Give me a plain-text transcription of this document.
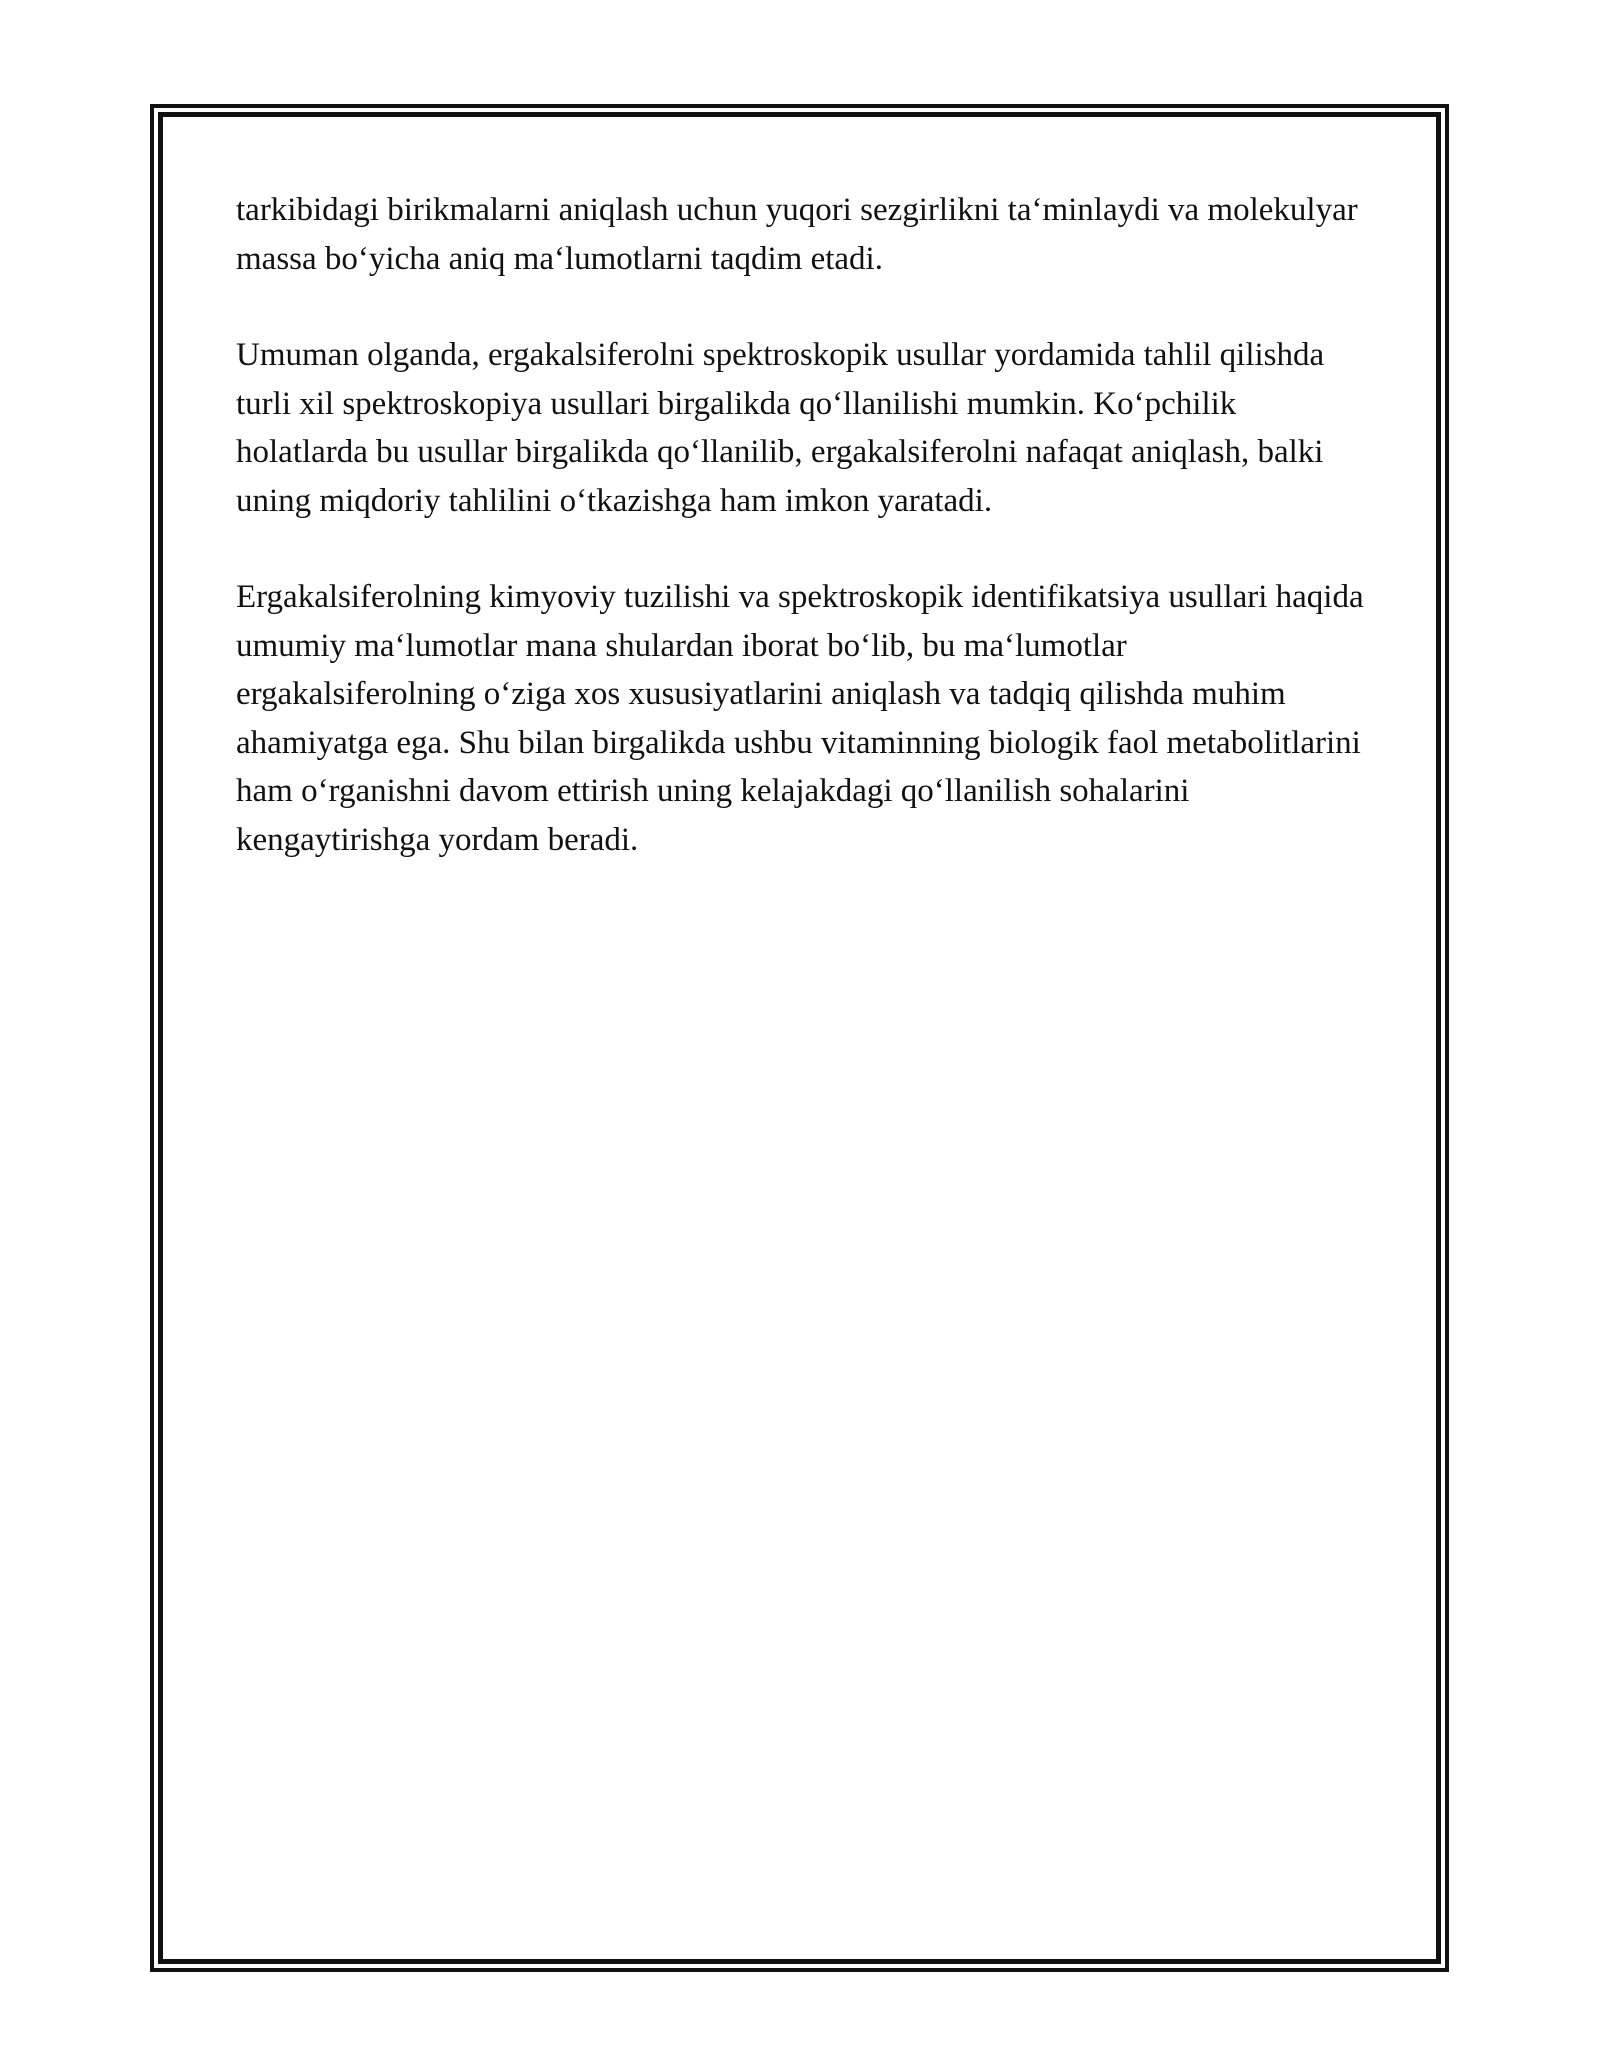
tarkibidagi birikmalarni aniqlash uchun yuqori sezgirlikni ta‘minlaydi va molekulyar massa bo‘yicha aniq ma‘lumotlarni taqdim etadi.

Umuman olganda, ergakalsiferolni spektroskopik usullar yordamida tahlil qilishda turli xil spektroskopiya usullari birgalikda qo‘llanilishi mumkin. Ko‘pchilik holatlarda bu usullar birgalikda qo‘llanilib, ergakalsiferolni nafaqat aniqlash, balki uning miqdoriy tahlilini o‘tkazishga ham imkon yaratadi.

Ergakalsiferolning kimyoviy tuzilishi va spektroskopik identifikatsiya usullari haqida umumiy ma‘lumotlar mana shulardan iborat bo‘lib, bu ma‘lumotlar ergakalsiferolning o‘ziga xos xususiyatlarini aniqlash va tadqiq qilishda muhim ahamiyatga ega. Shu bilan birgalikda ushbu vitaminning biologik faol metabolitlarini ham o‘rganishni davom ettirish uning kelajakdagi qo‘llanilish sohalarini kengaytirishga yordam beradi.
